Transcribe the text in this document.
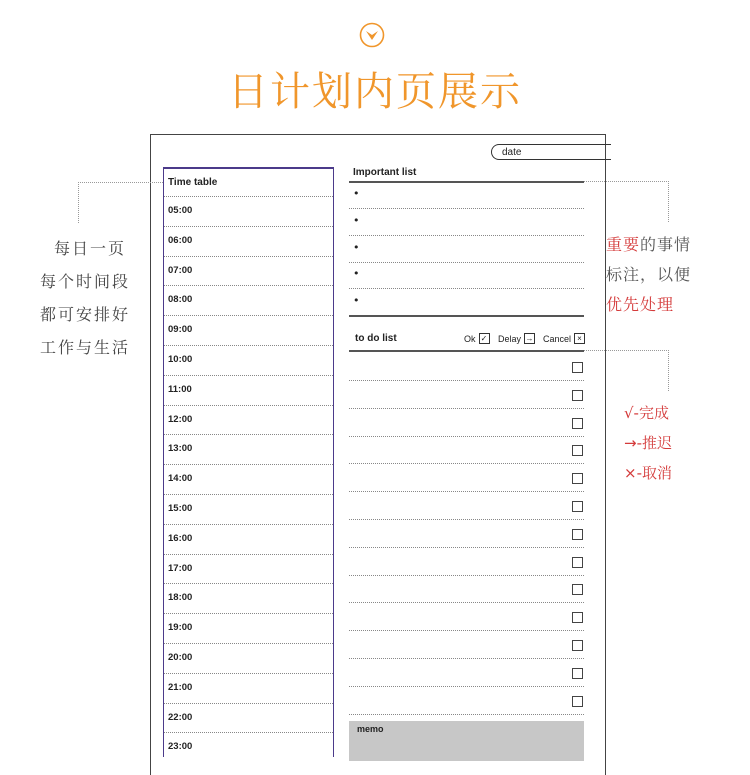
日计划内页展示
date
Time table
05:00
06:00
07:00
08:00
09:00
10:00
11:00
12:00
13:00
14:00
15:00
16:00
17:00
18:00
19:00
20:00
21:00
22:00
23:00
Important list
•
•
•
•
•
to do list	Ok ✓ Delay → Cancel ×
memo
每日一页
每个时间段
都可安排好
工作与生活
重要的事情
标注，以便
优先处理
√-完成
→-推迟
×-取消
